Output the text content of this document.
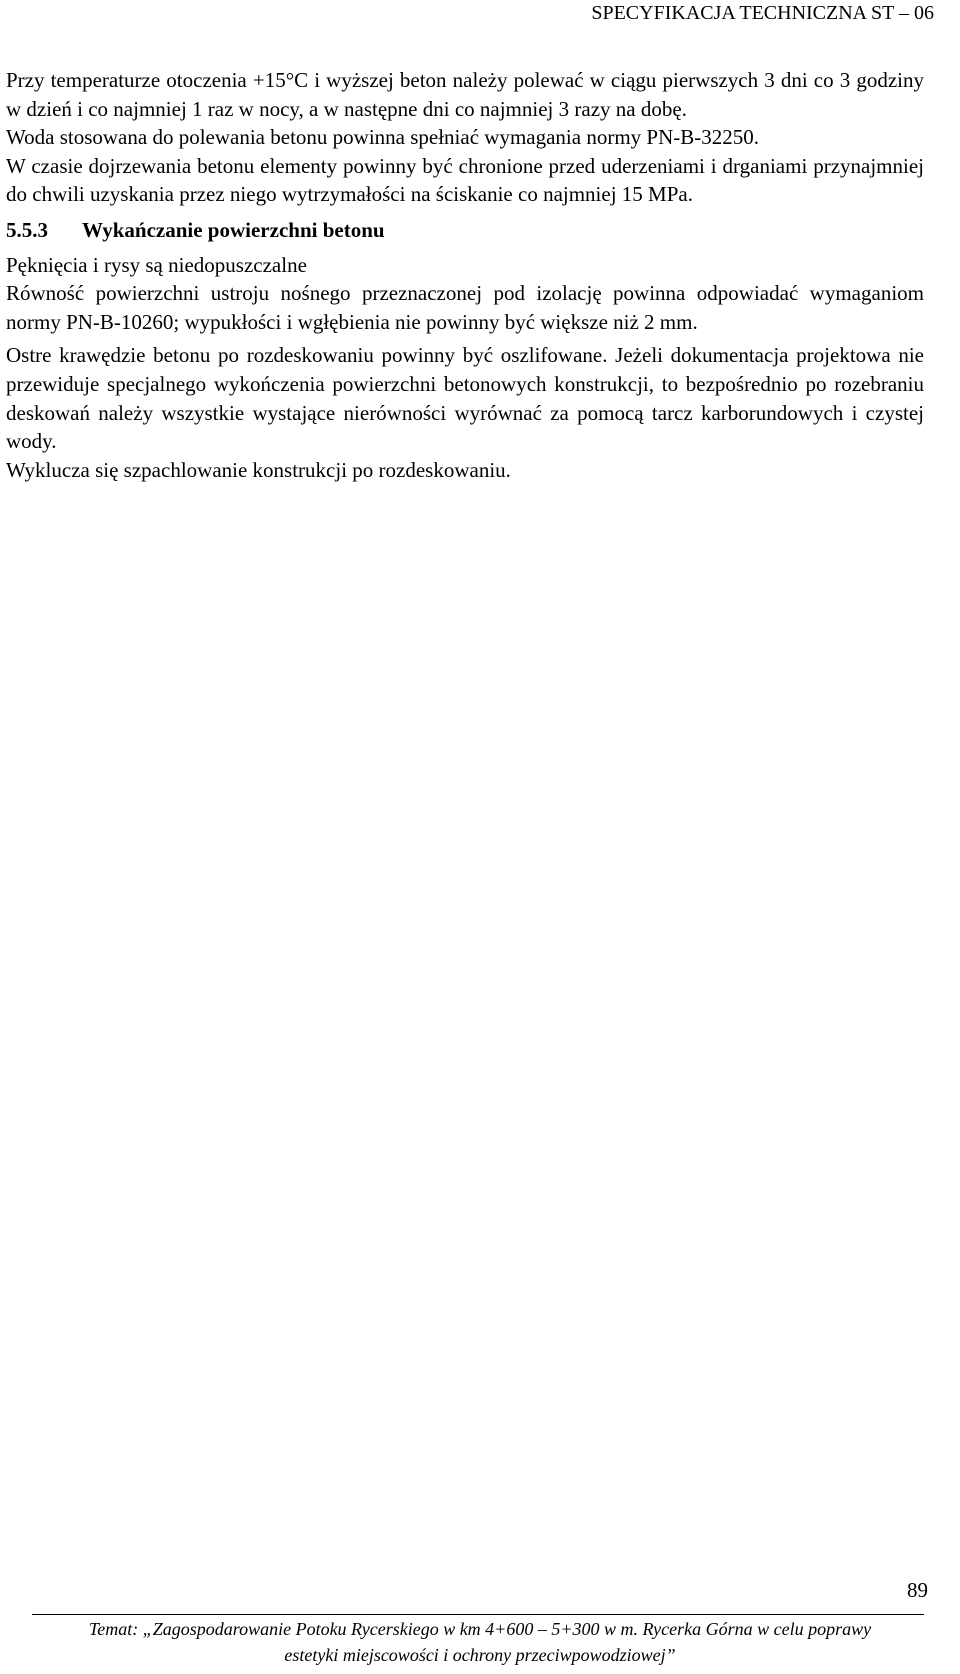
SPECYFIKACJA TECHNICZNA ST – 06

Przy temperaturze otoczenia +15°C i wyższej beton należy polewać w ciągu pierwszych 3 dni co 3 godziny w dzień i co najmniej 1 raz w nocy, a w następne dni co najmniej 3 razy na dobę.

Woda stosowana do polewania betonu powinna spełniać wymagania normy PN-B-32250.

W czasie dojrzewania betonu elementy powinny być chronione przed uderzeniami i drganiami przynajmniej do chwili uzyskania przez niego wytrzymałości na ściskanie co najmniej 15 MPa.

5.5.3 Wykańczanie powierzchni betonu

Pęknięcia i rysy są niedopuszczalne

Równość powierzchni ustroju nośnego przeznaczonej pod izolację powinna odpowiadać wymaganiom normy PN-B-10260; wypukłości i wgłębienia nie powinny być większe niż 2 mm.

Ostre krawędzie betonu po rozdeskowaniu powinny być oszlifowane. Jeżeli dokumentacja projektowa nie przewiduje specjalnego wykończenia powierzchni betonowych konstrukcji, to bezpośrednio po rozebraniu deskowań należy wszystkie wystające nierówności wyrównać za pomocą tarcz karborundowych i czystej wody.

Wyklucza się szpachlowanie konstrukcji po rozdeskowaniu.

89

Temat: „Zagospodarowanie Potoku Rycerskiego w km 4+600 – 5+300 w m. Rycerka Górna w celu poprawy

estetyki miejscowości i ochrony przeciwpowodziowej”
